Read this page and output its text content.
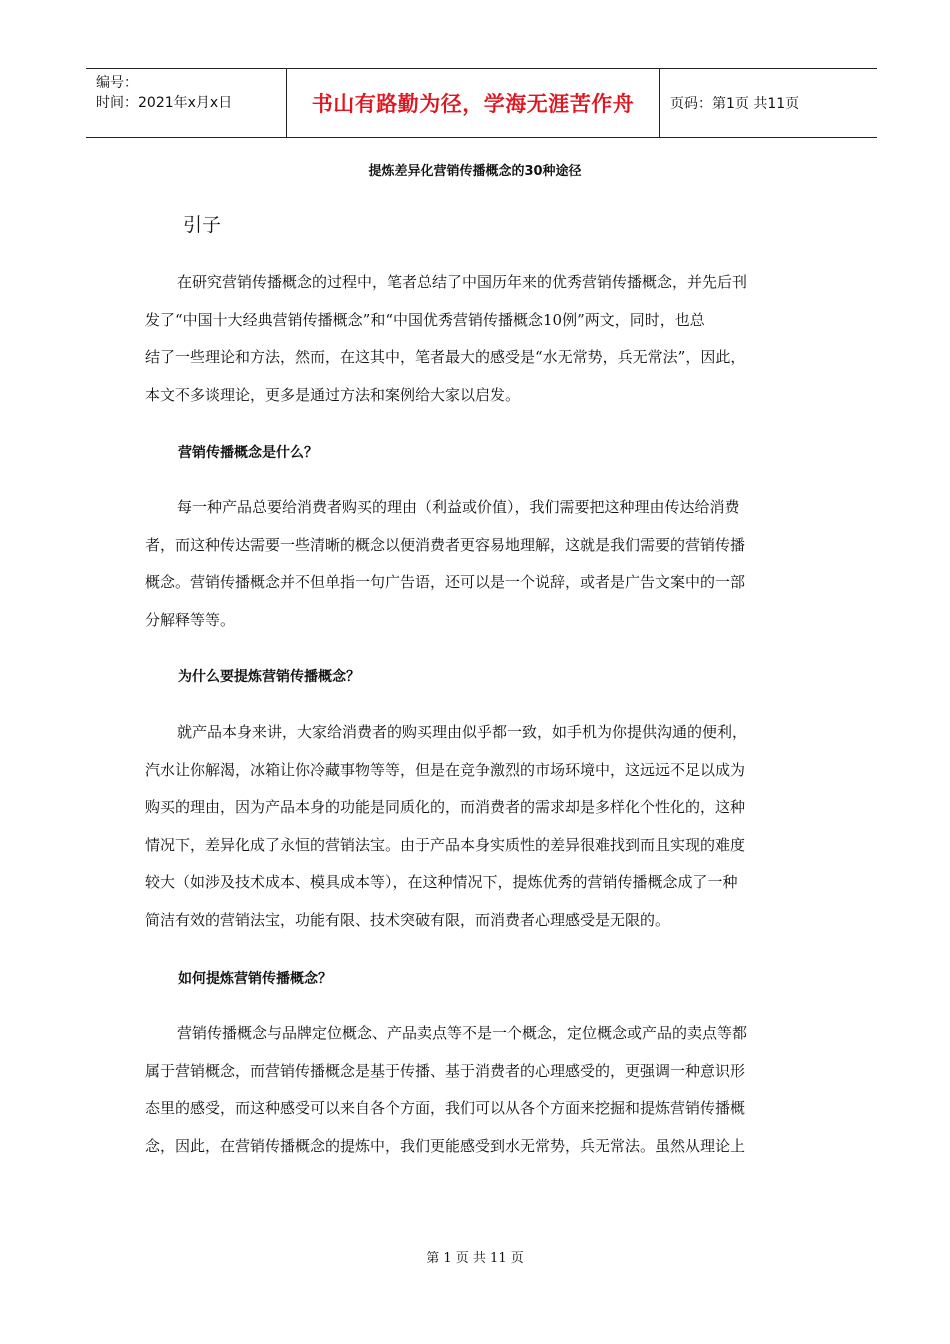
编号：
时间：2021年x月x日	书山有路勤为径，学海无涯苦作舟	页码：第1页 共11页
提炼差异化营销传播概念的30种途径
引子
在研究营销传播概念的过程中，笔者总结了中国历年来的优秀营销传播概念，并先后刊
发了“中国十大经典营销传播概念”和“中国优秀营销传播概念10例”两文，同时，也总
结了一些理论和方法，然而，在这其中，笔者最大的感受是“水无常势，兵无常法”，因此，
本文不多谈理论，更多是通过方法和案例给大家以启发。
营销传播概念是什么？
每一种产品总要给消费者购买的理由（利益或价值），我们需要把这种理由传达给消费
者，而这种传达需要一些清晰的概念以便消费者更容易地理解，这就是我们需要的营销传播
概念。营销传播概念并不但单指一句广告语，还可以是一个说辞，或者是广告文案中的一部
分解释等等。
为什么要提炼营销传播概念？
就产品本身来讲，大家给消费者的购买理由似乎都一致，如手机为你提供沟通的便利，
汽水让你解渴，冰箱让你冷藏事物等等，但是在竞争激烈的市场环境中，这远远不足以成为
购买的理由，因为产品本身的功能是同质化的，而消费者的需求却是多样化个性化的，这种
情况下，差异化成了永恒的营销法宝。由于产品本身实质性的差异很难找到而且实现的难度
较大（如涉及技术成本、模具成本等），在这种情况下，提炼优秀的营销传播概念成了一种
简洁有效的营销法宝，功能有限、技术突破有限，而消费者心理感受是无限的。
如何提炼营销传播概念？
营销传播概念与品牌定位概念、产品卖点等不是一个概念，定位概念或产品的卖点等都
属于营销概念，而营销传播概念是基于传播、基于消费者的心理感受的，更强调一种意识形
态里的感受，而这种感受可以来自各个方面，我们可以从各个方面来挖掘和提炼营销传播概
念，因此，在营销传播概念的提炼中，我们更能感受到水无常势，兵无常法。虽然从理论上
第 1 页 共 11 页
